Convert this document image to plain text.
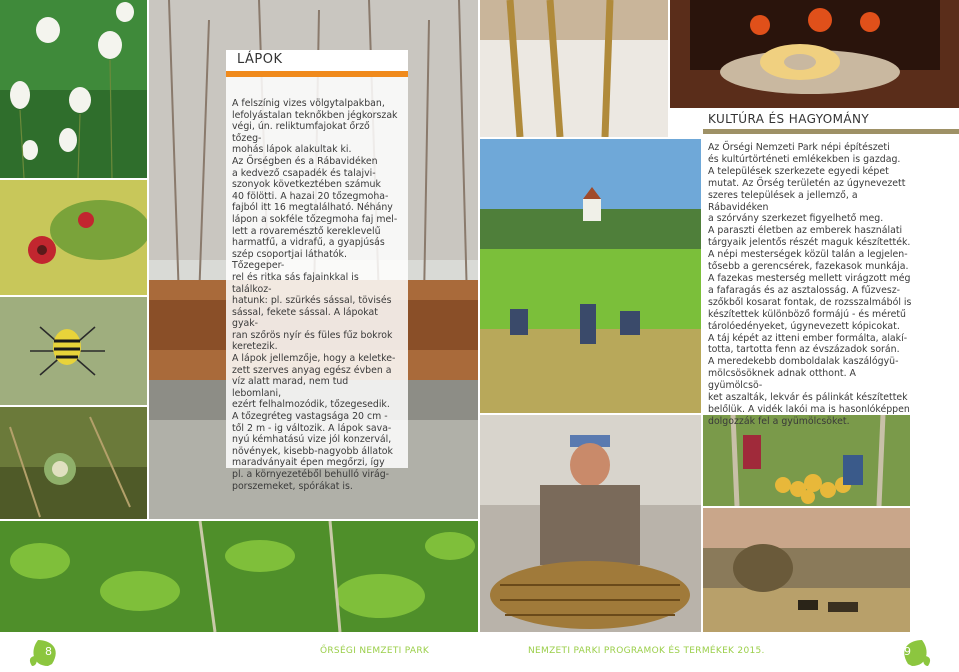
LÁPOK

A felszínig vizes völgytalpakban,
lefolyástalan teknőkben jégkorszak
végi, ún. reliktumfajokat őrző tőzeg-
mohás lápok alakultak ki.
Az Őrségben és a Rábavidéken
a kedvező csapadék és talajvi-
szonyok következtében számuk
40 fölötti. A hazai 20 tőzegmoha-
fajból itt 16 megtalálható. Néhány
lápon a sokféle tőzegmoha faj mel-
lett a rovaremésztő kereklevelű
harmatfű, a vidrafű, a gyapjúsás
szép csoportjai láthatók. Tőzegeper-
rel és ritka sás fajainkkal is találkoz-
hatunk: pl. szürkés sással, tövisés
sással, fekete sással. A lápokat gyak-
ran szőrös nyír és füles fűz bokrok
keretezik.
A lápok jellemzője, hogy a keletke-
zett szerves anyag egész évben a
víz alatt marad, nem tud lebomlani,
ezért felhalmozódik, tőzegesedik.
A tőzegréteg vastagsága 20 cm -
től 2 m - ig változik. A lápok sava-
nyú kémhatású vize jól konzervál,
növények, kisebb-nagyobb állatok
maradványait épen megőrzi, így
pl. a környezetéből behulló virág-
porszemeket, spórákat is.

KULTÚRA ÉS HAGYOMÁNY

Az Őrségi Nemzeti Park népi építészeti
és kultúrtörténeti emlékekben is gazdag.
A települések szerkezete egyedi képet
mutat. Az Őrség területén az úgynevezett
szeres települések a jellemző, a Rábavidéken
a szórvány szerkezet figyelhető meg.
A paraszti életben az emberek használati
tárgyaik jelentős részét maguk készítették.
A népi mesterségek közül talán a legjelen-
tősebb a gerencsérek, fazekasok munkája.
A fazekas mesterség mellett virágzott még
a fafaragás és az asztalosság. A fűzvesz-
szőkből kosarat fontak, de rozsszalmából is
készítettek különböző formájú - és méretű
tárolóedényeket, úgynevezett kópicokat.
A táj képét az itteni ember formálta, alakí-
totta, tartotta fenn az évszázadok során.
A meredekebb domboldalak kaszálógyü-
mölcsösöknek adnak otthont. A gyümölcsö-
ket aszalták, lekvár és pálinkát készítettek
belőlük. A vidék lakói ma is hasonlóképpen
dolgozzák fel a gyümölcsöket.

8	ŐRSÉGI NEMZETI PARK	NEMZETI PARKI PROGRAMOK ÉS TERMÉKEK 2015.	9
